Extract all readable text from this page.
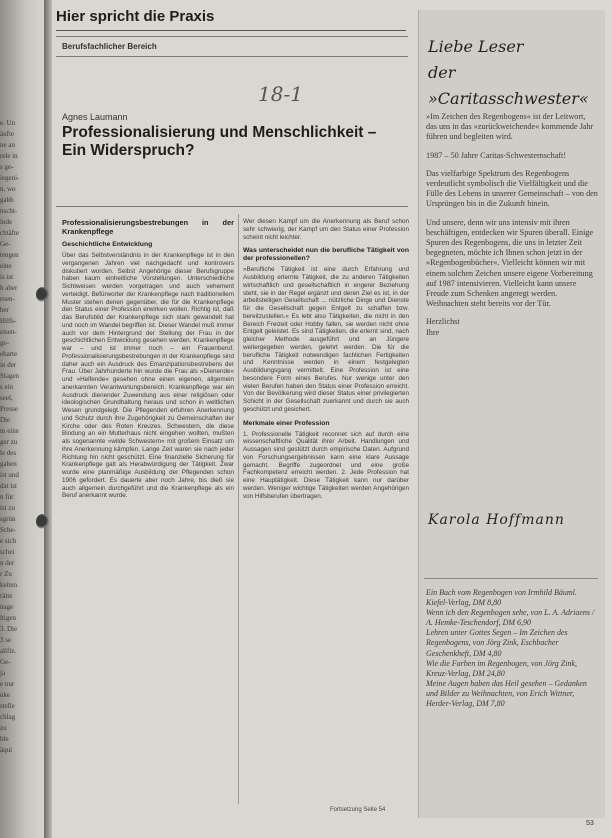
e. Un
äufte
ne an
rele in
s ge-
iegeni-
n, wo
gabb
nscht-
inde
chtäfte
Ge-
tengen
eine
is ist
h aber
esen-
ber
Hilfs-
eisen-
ge-
ebarte
in der
Stagen
s ein
seel,
Presse
Die
m eine
ger zu
le des
gaben
ist und
dat ist
n für
ist zu
sgrün
Sche-
e sich
schei
n der
r Zu
keiten
rätte
nage
ltigen
3. Die
3 se
alifiz.
Ge-
ja
e nur
uke
stelle
chlag
zu
ble
äqui
Hier spricht die Praxis
Berufsfachlicher Bereich
18-1
Agnes Laumann
Professionalisierung und Menschlichkeit – Ein Widerspruch?
Professionalisierungsbestrebungen in der Krankenpflege
Geschichtliche Entwicklung

Über das Selbstverständnis in der Krankenpflege ist in den vergangenen Jahren viel nachgedacht und kontrovers diskutiert worden. Selbst Angehörige dieser Berufsgruppe haben kaum einheitliche Vorstellungen. Unterschiedliche Sichtweisen werden vorgetragen und auch vehement verteidigt. Befürworter der Krankenpflege nach traditionellem Muster stehen denen gegenüber, die für die Krankenpflege den Status einer Profession erwirken wollen. Richtig ist, daß das Berufsbild der Krankenpflege sich stark gewandelt hat und noch im Wandel begriffen ist. Dieser Wandel muß immer auch vor dem Hintergrund der Stellung der Frau in der geschichtlichen Entwicklung gesehen werden. Krankenpflege war – und ist immer noch – ein Frauenberuf. Professionalisierungsbestrebungen in der Krankenpflege sind daher auch ein Ausdruck des Emanzipationsbestrebens der Frau. Über Jahrhunderte hin wurde die Frau als »Dienende« und »Helfende« gesehen ohne einen eigenen, allgemein anerkannten Verantwortungsbereich. Krankenpflege war ein Ausdruck dienender Zuwendung aus einer religiösen oder ideologischen Grundhaltung heraus und schon in weltlichen Wesen grundgelegt. Die Pflegenden erfuhren Anerkennung und Schutz durch ihre Zugehörigkeit zu Gemeinschaften der Kirche oder des Roten Kreuzes. Schwestern, die diese Bindung an ein Mutterhaus nicht eingehen wollten, mußten als sogenannte »wilde Schwestern« mit großem Einsatz um ihre Anerkennung kämpfen. Lange Zeit waren sie nach jeder Richtung hin nicht geschützt. Eine finanzielle Sicherung für Krankenpflege galt als Herabwürdigung der Tätigkeit. Zwar wurde eine planmäßige Ausbildung der Pflegenden schon 1906 gefordert. Es dauerte aber noch Jahre, bis dieß sie auch allgemein durchgeführt und die Krankenpflege als ein Beruf anerkannt wurde.

Wer diesen Kampf um die Anerkennung als Beruf schon sehr schwierig, der Kampf um den Status einer Profession scheint nicht leichter.

Was unterscheidet nun die berufliche Tätigkeit von der professionellen?

»Berufliche Tätigkeit ist eine durch Erfahrung und Ausbildung erlernte Tätigkeit, die zu anderen Tätigkeiten wirtschaftlich und gesellschaftlich in engerer Beziehung steht, sie in der Regel ergänzt und deren Ziel es ist, in der arbeitsteiligen Gesellschaft ... nützliche Dinge und Dienste für die Gesellschaft gegen Entgelt zu schaffen bzw. bereitzustellen.« Es lebt also Tätigkeiten, die nicht in den Bereich Freizeit oder Hobby fallen, sie werden nicht ohne Entgelt geleistet. Es sind Tätigkeiten, die erlernt sind, nach gleicher Methode ausgeführt und an Jüngere weitergegeben werden, gelehrt werden. Die für die berufliche Tätigkeit notwendigen fachlichen Fertigkeiten und Kenntnisse werden in einem festgelegten Ausbildungsgang vermittelt. Eine Profession ist eine besondere Form eines Berufes. Nur wenige unter den vielen Berufen haben den Status einer Profession erreicht. Von der Bevölkerung wird dieser Status einer privilegierten Schicht in der Gesellschaft zuerkannt und durch sie auch geschützt und gesichert.

Merkmale einer Profession

1. Professionelle Tätigkeit reconnet sich auf durch eine wissenschaftliche Qualität ihrer Arbeit. Handlungen und Aussagen sind gestützt durch empirische Daten. Aufgrund von Forschungsergebnissen kann eine klare Aussage gemacht. Begriffe zugeordnet und eine große Fachkompetenz erreicht werden. 2. Jede Profession hat eine Hauptätigkeit. Diese Tätigkeit kann nur darüber werden. Weniger wichtige Tätigkeiten werden Angehörigen von Hilfsberufen übertragen.

Fortsetzung Seite 54
Liebe Leser
der »Caritasschwester«

»Im Zeichen des Regenbogens« ist der Leitwort, das uns in das »zurückweichende« kommende Jahr führen und begleiten wird.

1987 – 50 Jahre Caritas-Schwesternschaft!

Das vielfarbige Spektrum des Regenbogens verdeutlicht symbolisch die Vielfältigkeit und die Fülle des Lebens in unserer Gemeinschaft – von den Ursprüngen bis in die Zukunft hinein.

Und unsere, denn wir uns intensiv mit ihren beschäftigen, entdecken wir Spuren überall. Einige Spuren des Regenbogens, die uns in letzter Zeit begegneten, möchte ich Ihnen schon jetzt in der »Regenbogenbücher«. Vielleicht können wir mit einem solchen Zeichen unsere eigene Vorbereitung auf 1987 intensivieren. Vielleicht kann unsere Freude zum Schenken angeregt werden. Weihnachten steht bereits vor der Tür.

Herzlichst

Ihre

Karola Hoffmann

Ein Buch vom Regenbogen von Irmhild Bäuml. Kiefel-Verlag, DM 8,80

Wenn ich den Regenbogen sehe, von L. A. Adriaens / A. Hemke-Teschendorf, DM 6,90

Lehren unter Gottes Segen – Im Zeichen des Regenbogens, von Jörg Zink, Eschbacher Geschenkheft, DM 4,80

Wie die Farben im Regenbogen, von Jörg Zink, Kreuz-Verlag, DM 24,80

Meine Augen haben das Heil gesehen – Gedanken und Bilder zu Weihnachten, von Erich Wittner, Herder-Verlag, DM 7,80

53
